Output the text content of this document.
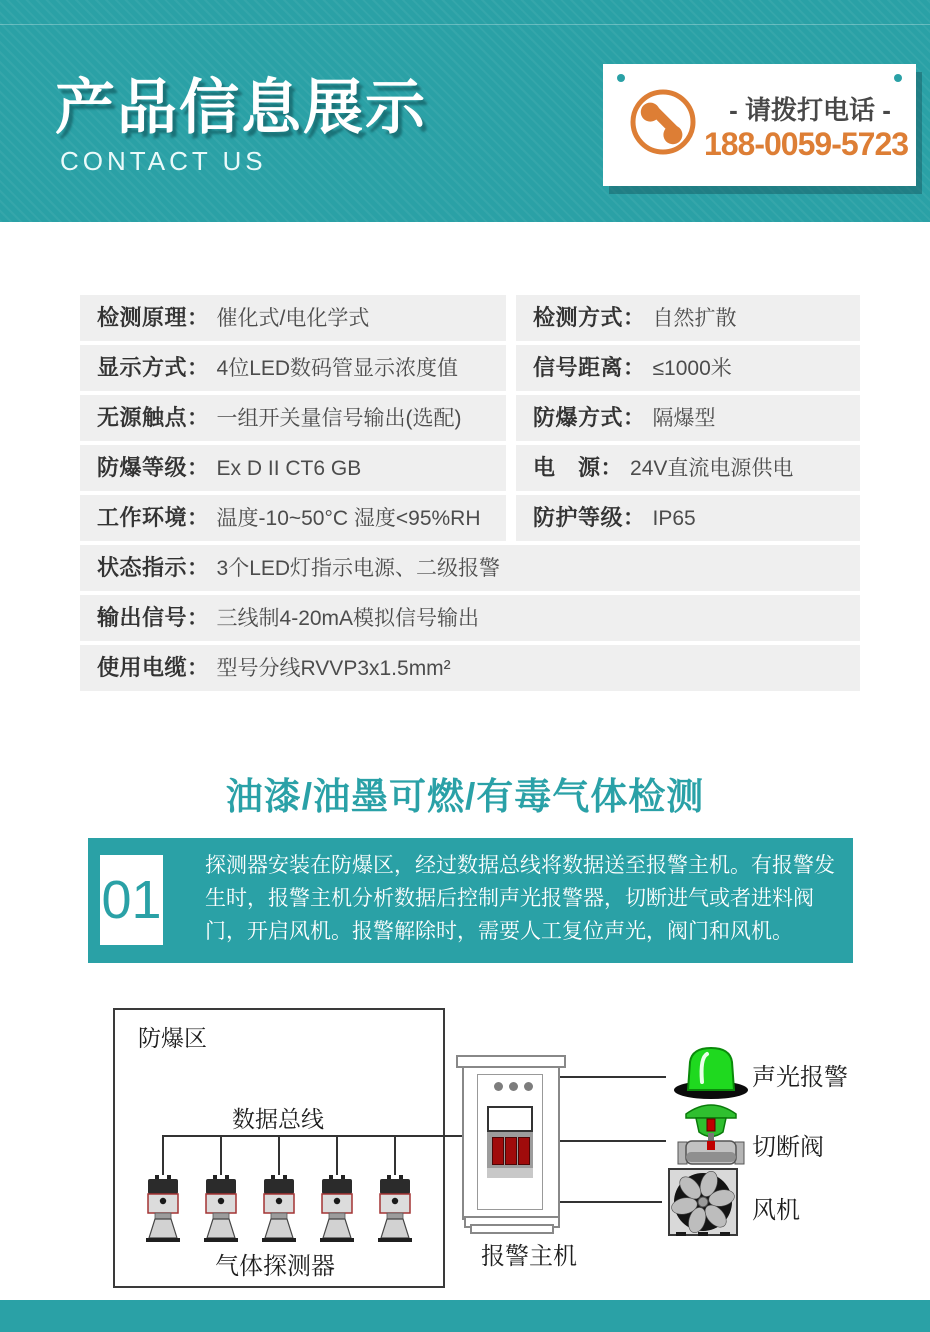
产品信息展示
CONTACT US
- 请拨打电话 -
188-0059-5723
检测原理： 催化式/电化学式	检测方式： 自然扩散
显示方式： 4位LED数码管显示浓度值	信号距离： ≤1000米
无源触点： 一组开关量信号输出(选配)	防爆方式： 隔爆型
防爆等级： Ex D II CT6 GB	电　源： 24V直流电源供电
工作环境： 温度-10~50°C 湿度<95%RH	防护等级： IP65
状态指示： 3个LED灯指示电源、二级报警
输出信号： 三线制4-20mA模拟信号输出
使用电缆： 型号分线RVVP3x1.5mm²
油漆/油墨可燃/有毒气体检测
01
探测器安装在防爆区，经过数据总线将数据送至报警主机。有报警发生时，报警主机分析数据后控制声光报警器，切断进气或者进料阀门，开启风机。报警解除时，需要人工复位声光，阀门和风机。
防爆区
数据总线
气体探测器	报警主机
声光报警
切断阀
风机
